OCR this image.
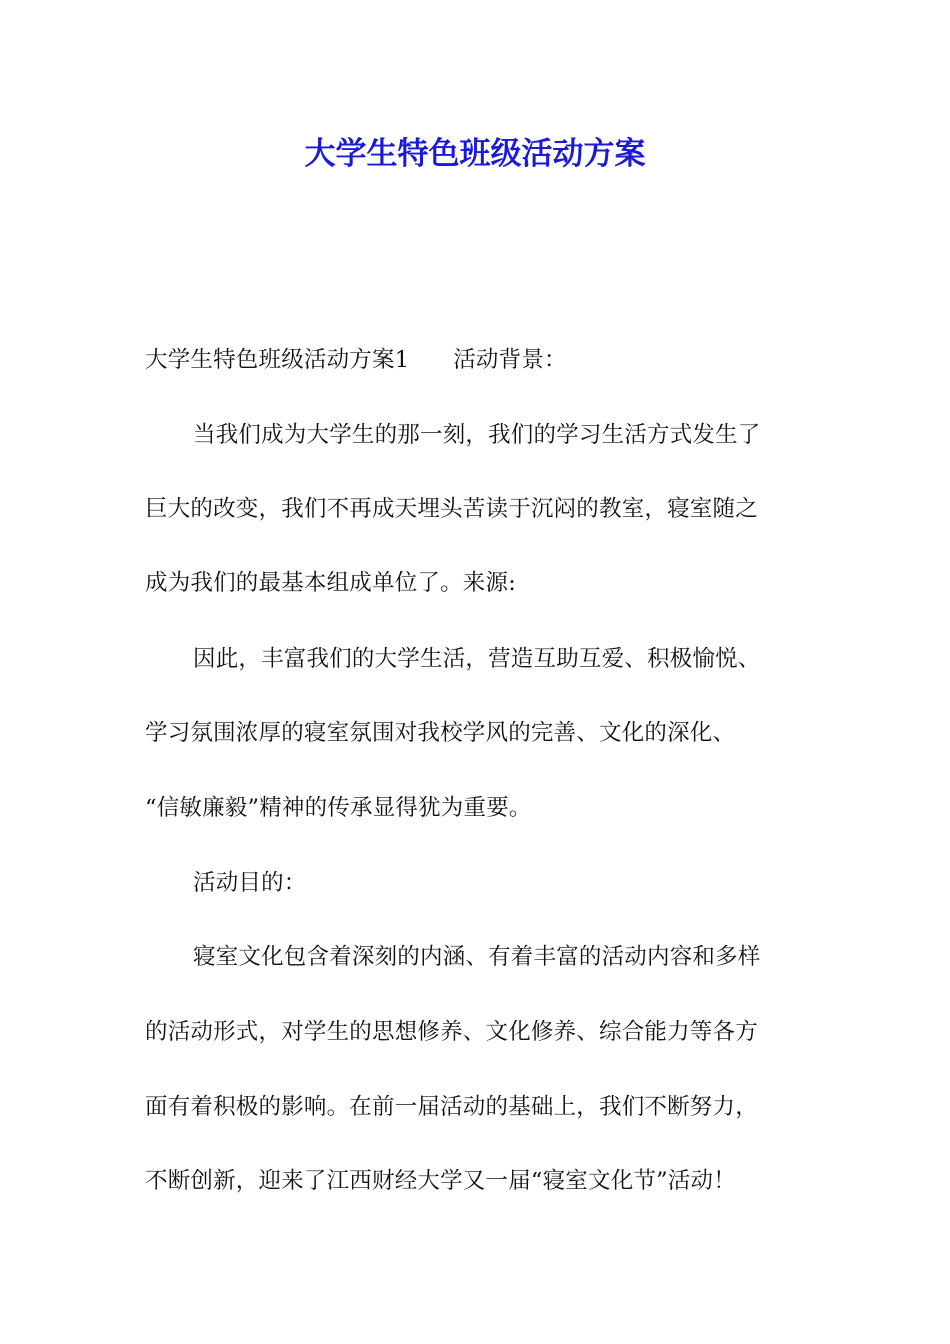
大学生特色班级活动方案
大学生特色班级活动方案1 活动背景：
当我们成为大学生的那一刻，我们的学习生活方式发生了
巨大的改变，我们不再成天埋头苦读于沉闷的教室，寝室随之
成为我们的最基本组成单位了。来源:
因此，丰富我们的大学生活，营造互助互爱、积极愉悦、
学习氛围浓厚的寝室氛围对我校学风的完善、文化的深化、
“信敏廉毅”精神的传承显得犹为重要。
活动目的：
寝室文化包含着深刻的内涵、有着丰富的活动内容和多样
的活动形式，对学生的思想修养、文化修养、综合能力等各方
面有着积极的影响。在前一届活动的基础上，我们不断努力，
不断创新，迎来了江西财经大学又一届“寝室文化节”活动！
